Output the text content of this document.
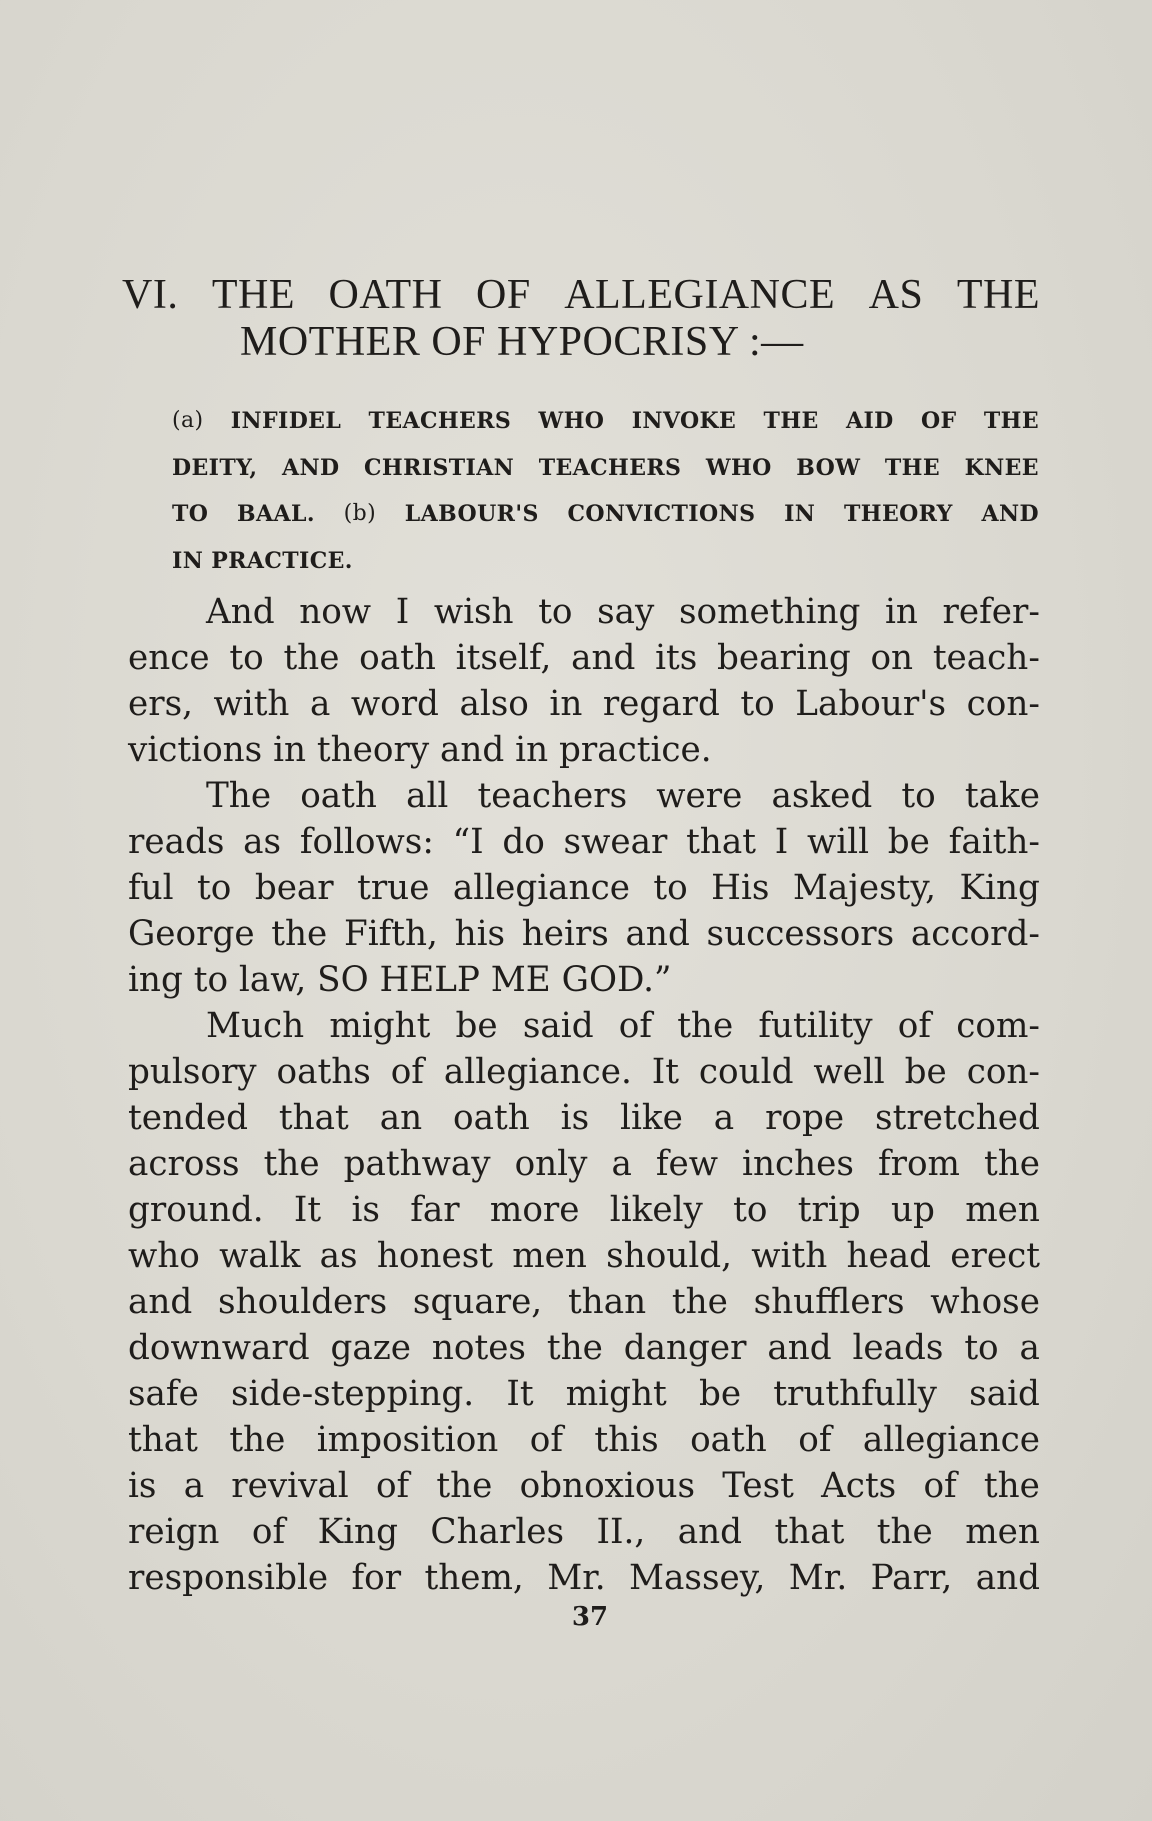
VI. THE OATH OF ALLEGIANCE AS THE
MOTHER OF HYPOCRISY :—
(a) INFIDEL TEACHERS WHO INVOKE THE AID OF THE
DEITY, AND CHRISTIAN TEACHERS WHO BOW THE KNEE
TO BAAL. (b) LABOUR'S CONVICTIONS IN THEORY AND
IN PRACTICE.
And now I wish to say something in refer-
ence to the oath itself, and its bearing on teach-
ers, with a word also in regard to Labour's con-
victions in theory and in practice.
The oath all teachers were asked to take
reads as follows: “I do swear that I will be faith-
ful to bear true allegiance to His Majesty, King
George the Fifth, his heirs and successors accord-
ing to law, SO HELP ME GOD.”
Much might be said of the futility of com-
pulsory oaths of allegiance. It could well be con-
tended that an oath is like a rope stretched
across the pathway only a few inches from the
ground. It is far more likely to trip up men
who walk as honest men should, with head erect
and shoulders square, than the shufflers whose
downward gaze notes the danger and leads to a
safe side-stepping. It might be truthfully said
that the imposition of this oath of allegiance
is a revival of the obnoxious Test Acts of the
reign of King Charles II., and that the men
responsible for them, Mr. Massey, Mr. Parr, and
37
